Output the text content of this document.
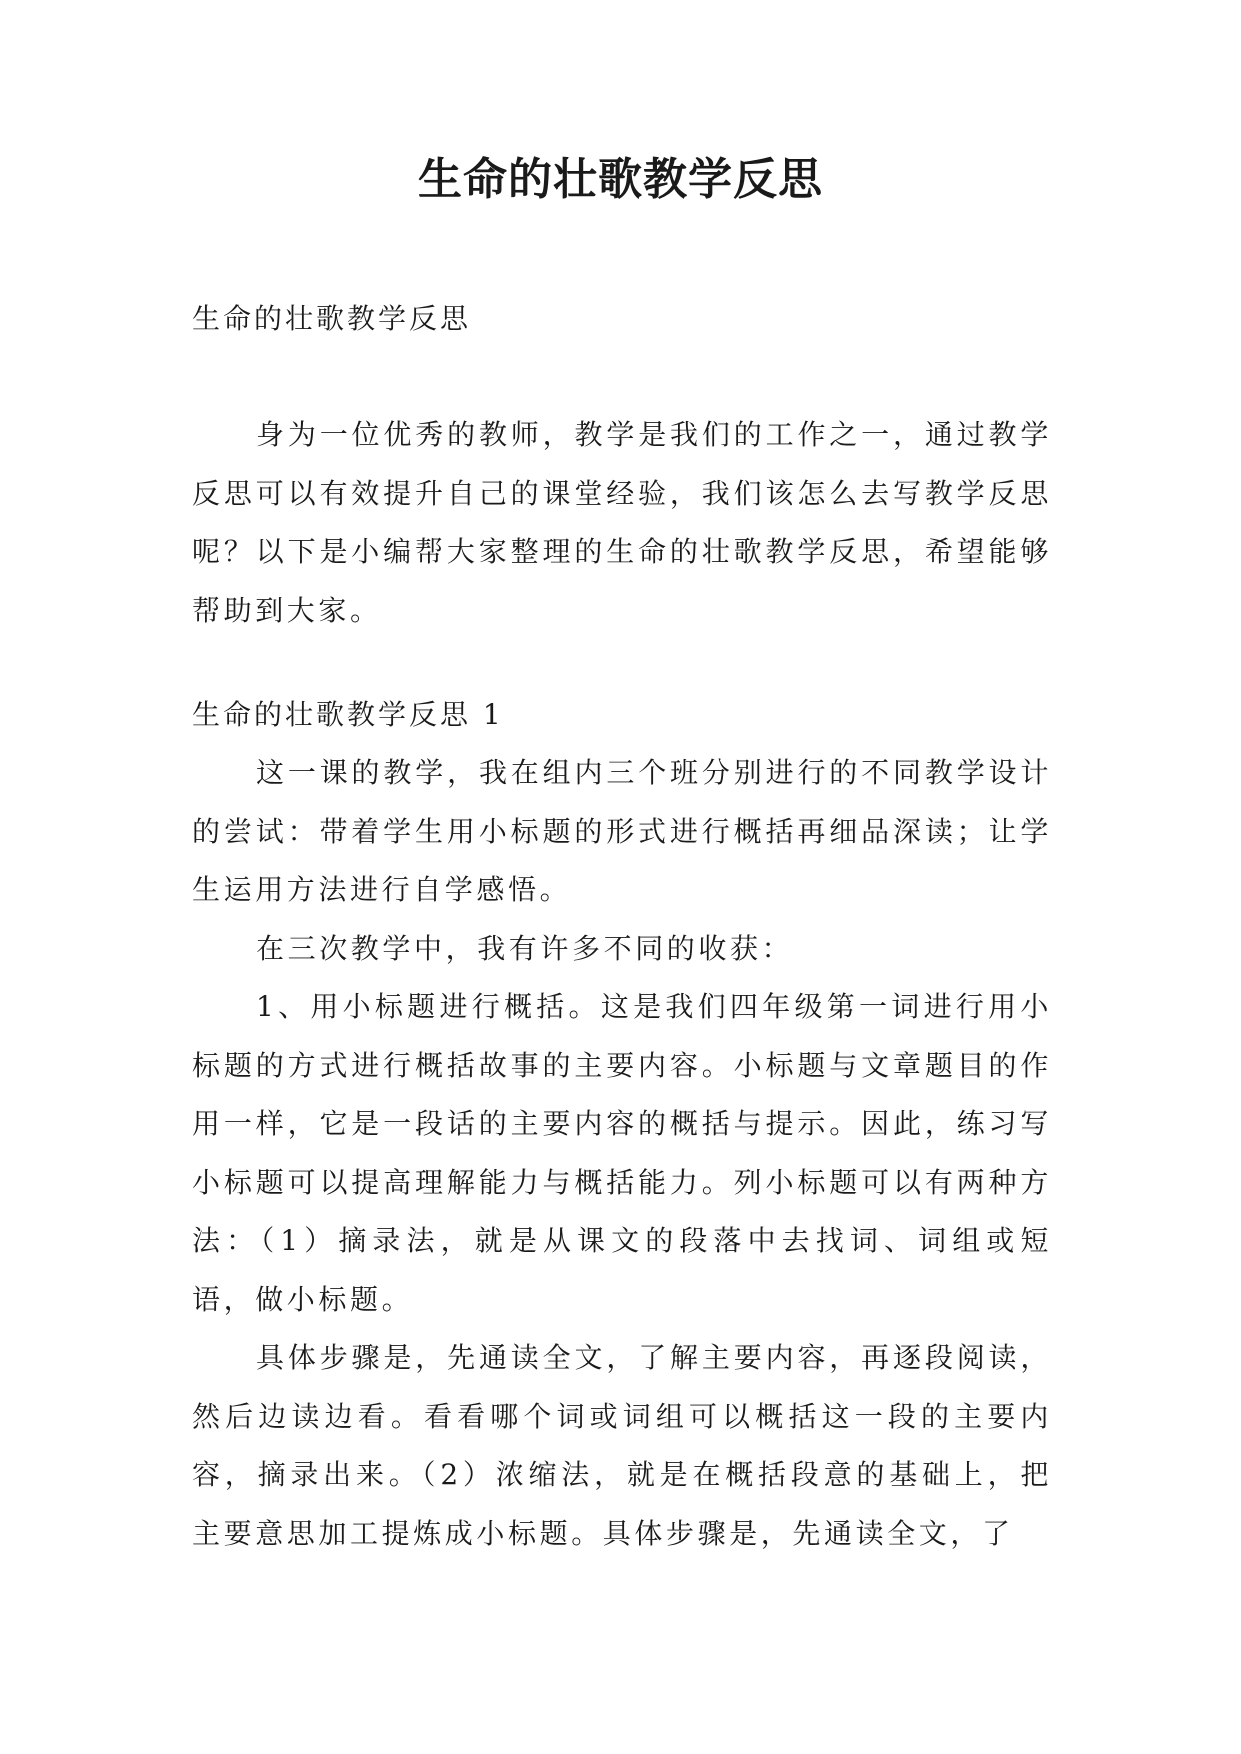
生命的壮歌教学反思
生命的壮歌教学反思

身为一位优秀的教师，教学是我们的工作之一，通过教学反思可以有效提升自己的课堂经验，我们该怎么去写教学反思呢？以下是小编帮大家整理的生命的壮歌教学反思，希望能够帮助到大家。

生命的壮歌教学反思 1

这一课的教学，我在组内三个班分别进行的不同教学设计的尝试：带着学生用小标题的形式进行概括再细品深读；让学生运用方法进行自学感悟。

在三次教学中，我有许多不同的收获：

1、用小标题进行概括。这是我们四年级第一词进行用小标题的方式进行概括故事的主要内容。小标题与文章题目的作用一样，它是一段话的主要内容的概括与提示。因此，练习写小标题可以提高理解能力与概括能力。列小标题可以有两种方法：（1）摘录法，就是从课文的段落中去找词、词组或短语，做小标题。

具体步骤是，先通读全文，了解主要内容，再逐段阅读，然后边读边看。看看哪个词或词组可以概括这一段的主要内容，摘录出来。（2）浓缩法，就是在概括段意的基础上，把主要意思加工提炼成小标题。具体步骤是，先通读全文，了
